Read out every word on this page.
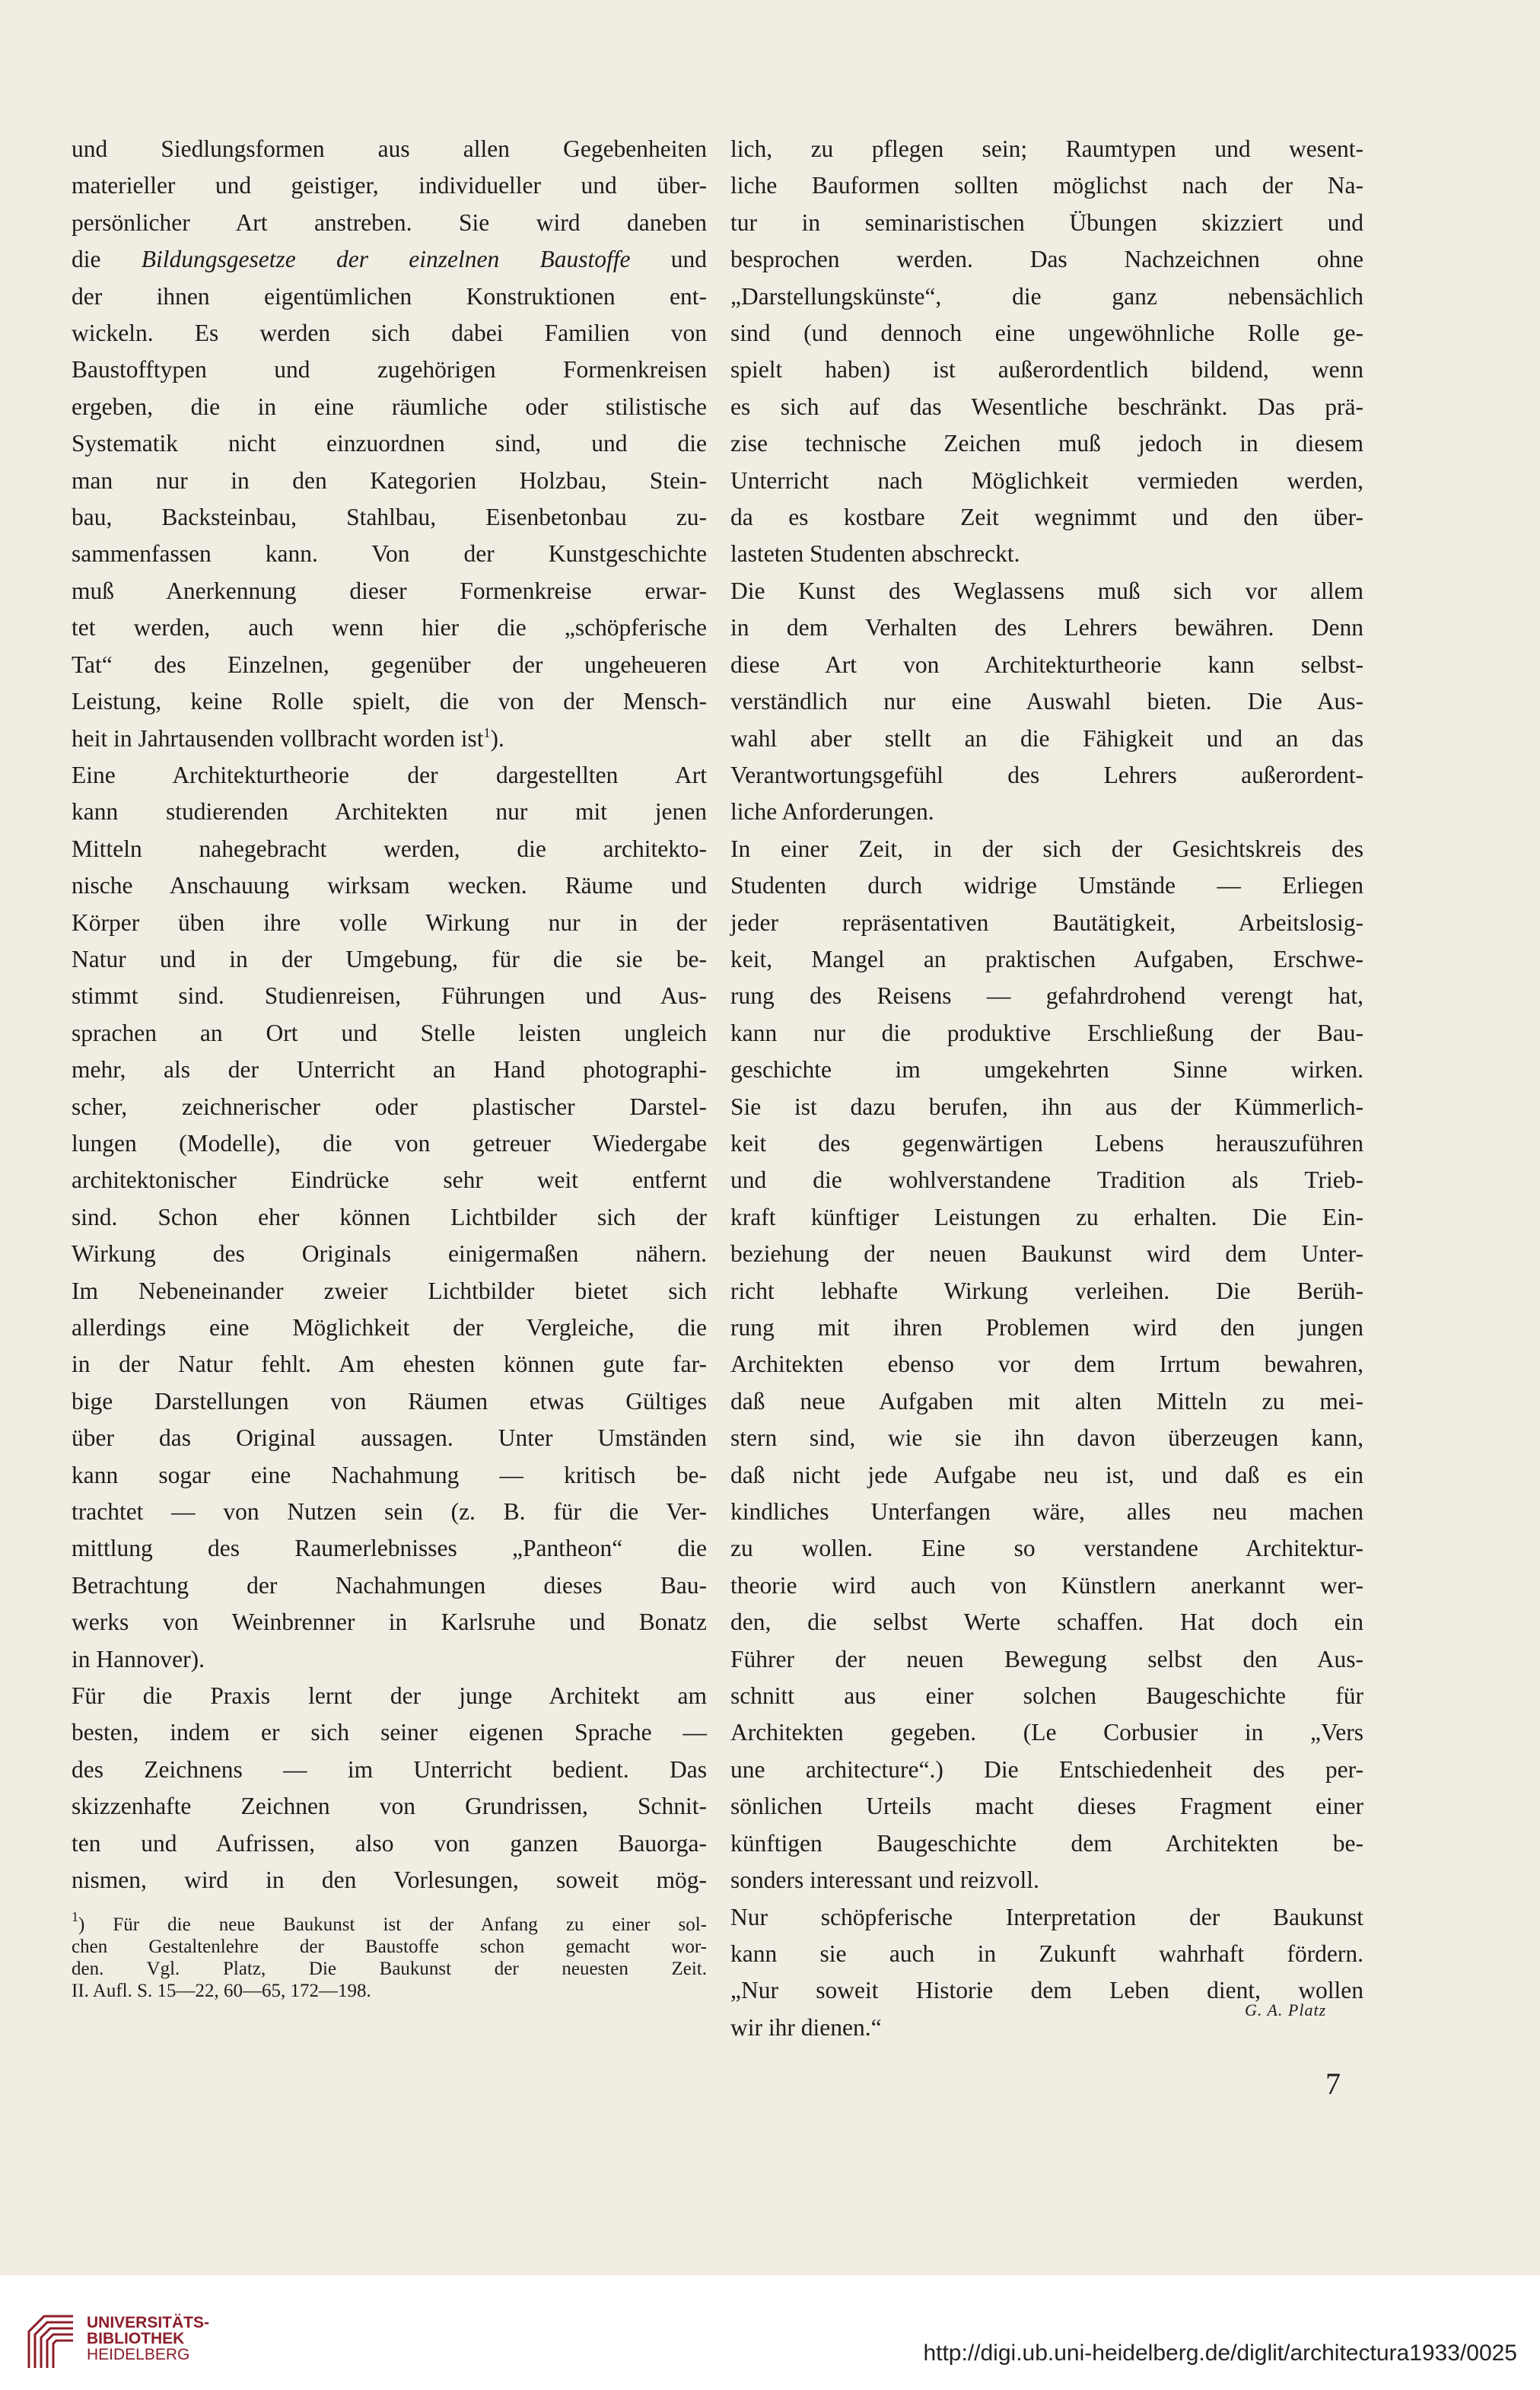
und Siedlungsformen aus allen Gegebenheiten
materieller und geistiger, individueller und über-
persönlicher Art anstreben. Sie wird daneben
die Bildungsgesetze der einzelnen Baustoffe und
der ihnen eigentümlichen Konstruktionen ent-
wickeln. Es werden sich dabei Familien von
Baustofftypen und zugehörigen Formenkreisen
ergeben, die in eine räumliche oder stilistische
Systematik nicht einzuordnen sind, und die
man nur in den Kategorien Holzbau, Stein-
bau, Backsteinbau, Stahlbau, Eisenbetonbau zu-
sammenfassen kann. Von der Kunstgeschichte
muß Anerkennung dieser Formenkreise erwar-
tet werden, auch wenn hier die „schöpferische
Tat“ des Einzelnen, gegenüber der ungeheueren
Leistung, keine Rolle spielt, die von der Mensch-
heit in Jahrtausenden vollbracht worden ist$^1$).
Eine Architekturtheorie der dargestellten Art
kann studierenden Architekten nur mit jenen
Mitteln nahegebracht werden, die architekto-
nische Anschauung wirksam wecken. Räume und
Körper üben ihre volle Wirkung nur in der
Natur und in der Umgebung, für die sie be-
stimmt sind. Studienreisen, Führungen und Aus-
sprachen an Ort und Stelle leisten ungleich
mehr, als der Unterricht an Hand photographi-
scher, zeichnerischer oder plastischer Darstel-
lungen (Modelle), die von getreuer Wiedergabe
architektonischer Eindrücke sehr weit entfernt
sind. Schon eher können Lichtbilder sich der
Wirkung des Originals einigermaßen nähern.
Im Nebeneinander zweier Lichtbilder bietet sich
allerdings eine Möglichkeit der Vergleiche, die
in der Natur fehlt. Am ehesten können gute far-
bige Darstellungen von Räumen etwas Gültiges
über das Original aussagen. Unter Umständen
kann sogar eine Nachahmung — kritisch be-
trachtet — von Nutzen sein (z. B. für die Ver-
mittlung des Raumerlebnisses „Pantheon“ die
Betrachtung der Nachahmungen dieses Bau-
werks von Weinbrenner in Karlsruhe und Bonatz
in Hannover).
Für die Praxis lernt der junge Architekt am
besten, indem er sich seiner eigenen Sprache —
des Zeichnens — im Unterricht bedient. Das
skizzenhafte Zeichnen von Grundrissen, Schnit-
ten und Aufrissen, also von ganzen Bauorga-
nismen, wird in den Vorlesungen, soweit mög-
lich, zu pflegen sein; Raumtypen und wesent-
liche Bauformen sollten möglichst nach der Na-
tur in seminaristischen Übungen skizziert und
besprochen werden. Das Nachzeichnen ohne
„Darstellungskünste“, die ganz nebensächlich
sind (und dennoch eine ungewöhnliche Rolle ge-
spielt haben) ist außerordentlich bildend, wenn
es sich auf das Wesentliche beschränkt. Das prä-
zise technische Zeichen muß jedoch in diesem
Unterricht nach Möglichkeit vermieden werden,
da es kostbare Zeit wegnimmt und den über-
lasteten Studenten abschreckt.
Die Kunst des Weglassens muß sich vor allem
in dem Verhalten des Lehrers bewähren. Denn
diese Art von Architekturtheorie kann selbst-
verständlich nur eine Auswahl bieten. Die Aus-
wahl aber stellt an die Fähigkeit und an das
Verantwortungsgefühl des Lehrers außerordent-
liche Anforderungen.
In einer Zeit, in der sich der Gesichtskreis des
Studenten durch widrige Umstände — Erliegen
jeder repräsentativen Bautätigkeit, Arbeitslosig-
keit, Mangel an praktischen Aufgaben, Erschwe-
rung des Reisens — gefahrdrohend verengt hat,
kann nur die produktive Erschließung der Bau-
geschichte im umgekehrten Sinne wirken.
Sie ist dazu berufen, ihn aus der Kümmerlich-
keit des gegenwärtigen Lebens herauszuführen
und die wohlverstandene Tradition als Trieb-
kraft künftiger Leistungen zu erhalten. Die Ein-
beziehung der neuen Baukunst wird dem Unter-
richt lebhafte Wirkung verleihen. Die Berüh-
rung mit ihren Problemen wird den jungen
Architekten ebenso vor dem Irrtum bewahren,
daß neue Aufgaben mit alten Mitteln zu mei-
stern sind, wie sie ihn davon überzeugen kann,
daß nicht jede Aufgabe neu ist, und daß es ein
kindliches Unterfangen wäre, alles neu machen
zu wollen. Eine so verstandene Architektur-
theorie wird auch von Künstlern anerkannt wer-
den, die selbst Werte schaffen. Hat doch ein
Führer der neuen Bewegung selbst den Aus-
schnitt aus einer solchen Baugeschichte für
Architekten gegeben. (Le Corbusier in „Vers
une architecture“.) Die Entschiedenheit des per-
sönlichen Urteils macht dieses Fragment einer
künftigen Baugeschichte dem Architekten be-
sonders interessant und reizvoll.
Nur schöpferische Interpretation der Baukunst
kann sie auch in Zukunft wahrhaft fördern.
„Nur soweit Historie dem Leben dient, wollen
wir ihr dienen.“
$^1$) Für die neue Baukunst ist der Anfang zu einer sol-
chen Gestaltenlehre der Baustoffe schon gemacht wor-
den. Vgl. Platz, Die Baukunst der neuesten Zeit.
II. Aufl. S. 15—22, 60—65, 172—198.
G. A. Platz
7
UNIVERSITÄTS-
BIBLIOTHEK
HEIDELBERG	http://digi.ub.uni-heidelberg.de/diglit/architectura1933/0025
